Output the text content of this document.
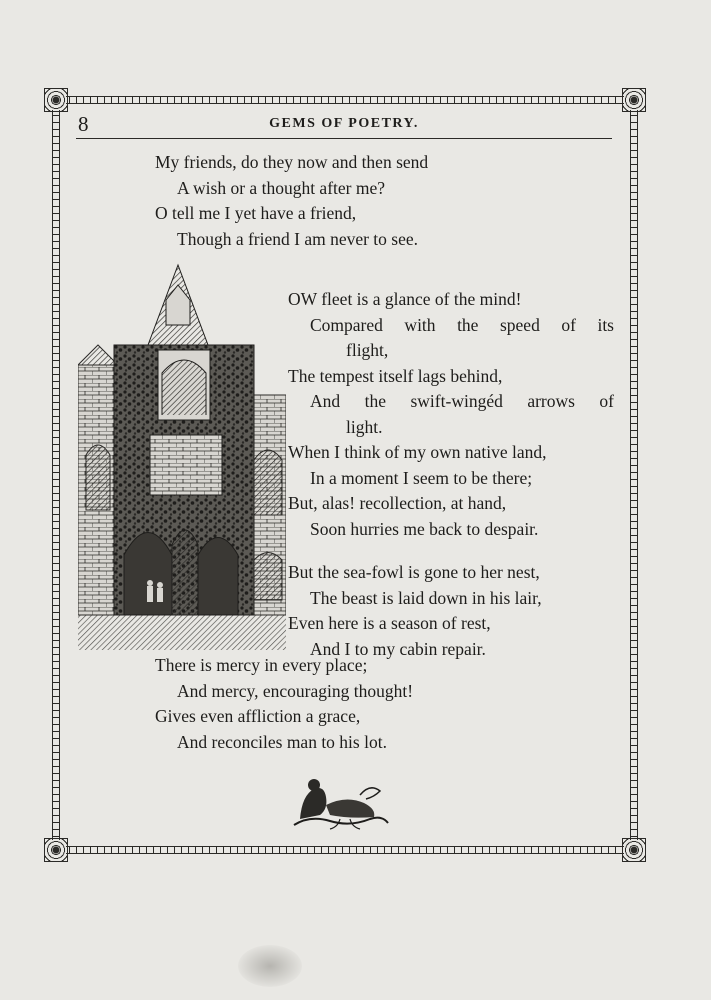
8	GEMS OF POETRY.
My friends, do they now and then send
A wish or a thought after me?
O tell me I yet have a friend,
Though a friend I am never to see.
OW fleet is a glance of the mind!
Compared with the speed of its
flight,
The tempest itself lags behind,
And the swift-wingéd arrows of
light.
When I think of my own native land,
In a moment I seem to be there;
But, alas! recollection, at hand,
Soon hurries me back to despair.
But the sea-fowl is gone to her nest,
The beast is laid down in his lair,
Even here is a season of rest,
And I to my cabin repair.
There is mercy in every place;
And mercy, encouraging thought!
Gives even affliction a grace,
And reconciles man to his lot.
